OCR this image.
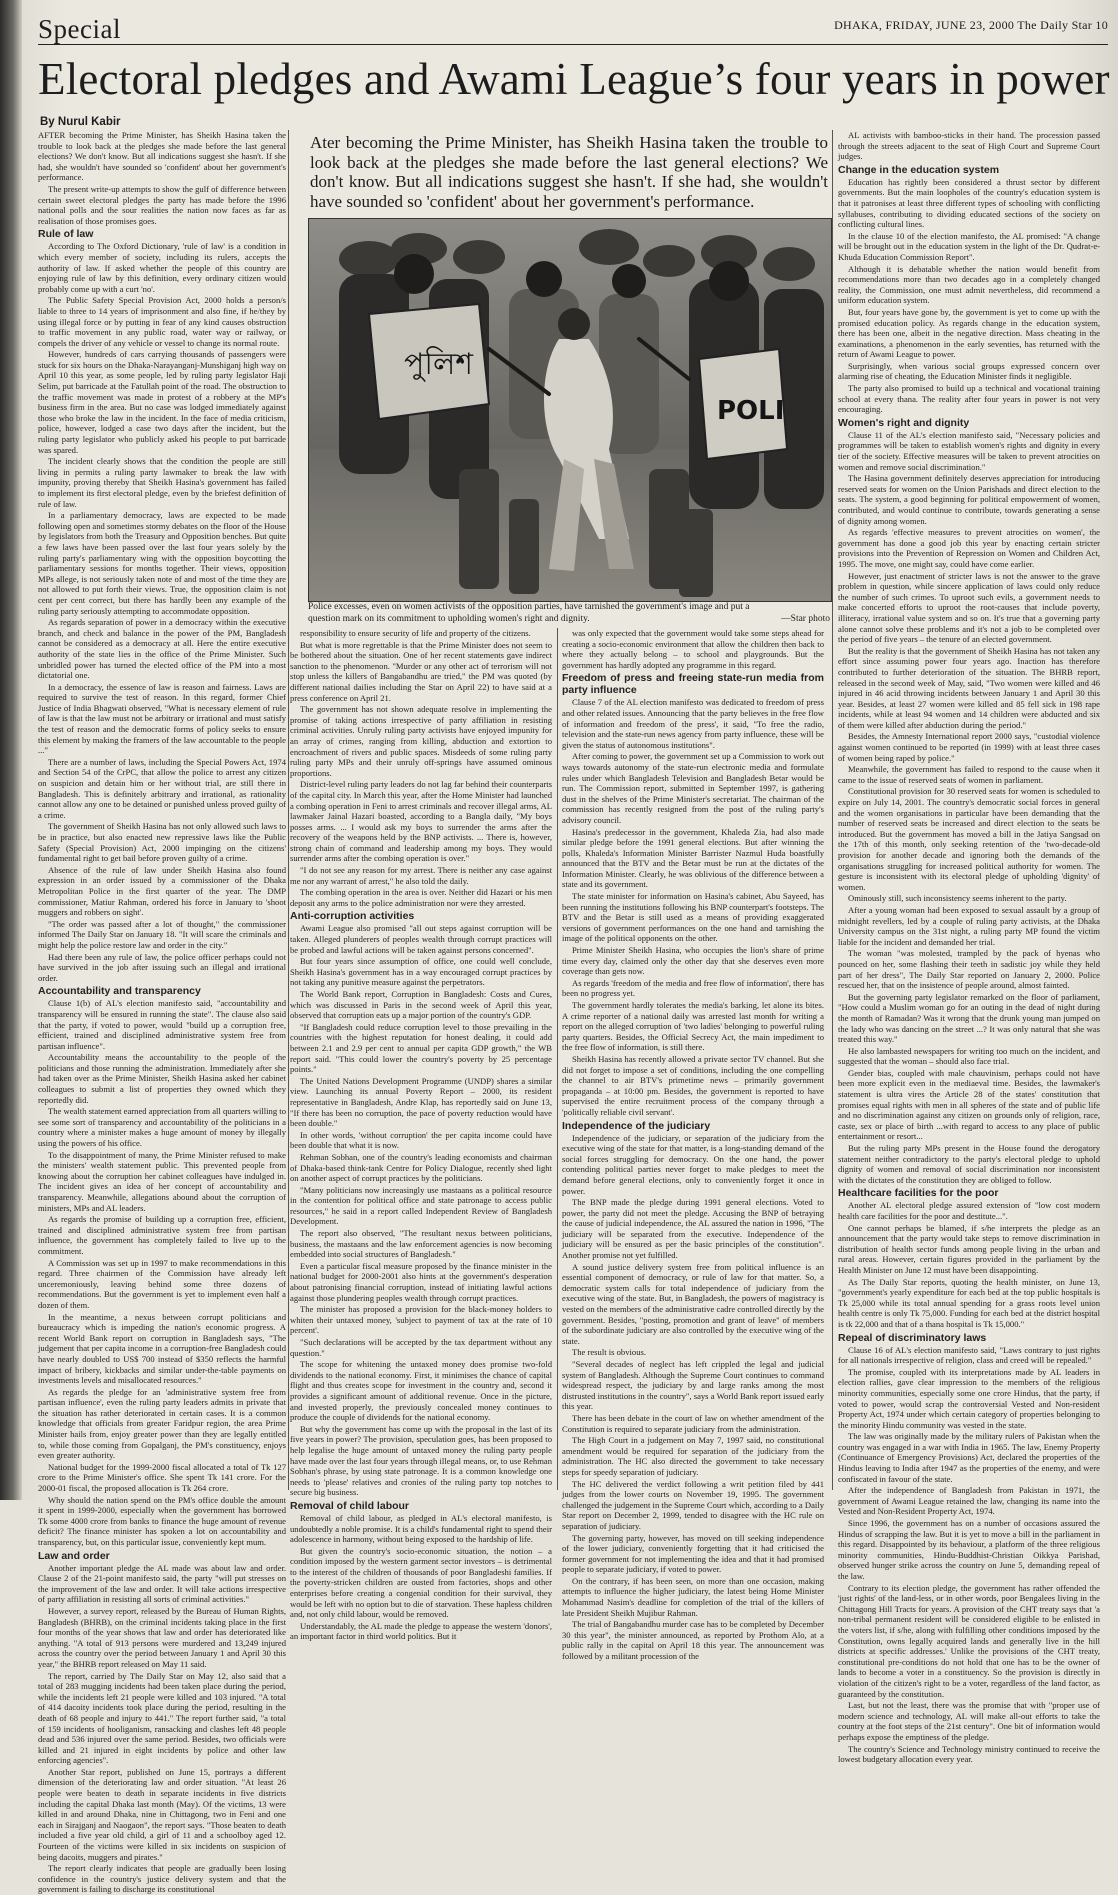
Special	DHAKA, FRIDAY, JUNE 23, 2000 The Daily Star 10
Electoral pledges and Awami League’s four years in power
By Nurul Kabir

AFTER becoming the Prime Minister, has Sheikh Hasina taken the trouble to look back at the pledges she made before the last general elections? We don't know. But all indications suggest she hasn't. If she had, she wouldn't have sounded so 'confident' about her government's performance.

The present write-up attempts to show the gulf of difference between certain sweet electoral pledges the party has made before the 1996 national polls and the sour realities the nation now faces as far as realisation of those promises goes.

Rule of law

According to The Oxford Dictionary, 'rule of law' is a condition in which every member of society, including its rulers, accepts the authority of law. If asked whether the people of this country are enjoying rule of law by this definition, every ordinary citizen would probably come up with a curt 'no'.

The Public Safety Special Provision Act, 2000 holds a person/s liable to three to 14 years of imprisonment and also fine, if he/they by using illegal force or by putting in fear of any kind causes obstruction to traffic movement in any public road, water way or railway, or compels the driver of any vehicle or vessel to change its normal route.

However, hundreds of cars carrying thousands of passengers were stuck for six hours on the Dhaka-Narayanganj-Munshiganj high way on April 10 this year, as some people, led by ruling party legislator Haji Selim, put barricade at the Fatullah point of the road. The obstruction to the traffic movement was made in protest of a robbery at the MP's business firm in the area. But no case was lodged immediately against those who broke the law in the incident. In the face of media criticism, police, however, lodged a case two days after the incident, but the ruling party legislator who publicly asked his people to put barricade was spared.

The incident clearly shows that the condition the people are still living in permits a ruling party lawmaker to break the law with impunity, proving thereby that Sheikh Hasina's government has failed to implement its first electoral pledge, even by the briefest definition of rule of law.

In a parliamentary democracy, laws are expected to be made following open and sometimes stormy debates on the floor of the House by legislators from both the Treasury and Opposition benches. But quite a few laws have been passed over the last four years solely by the ruling party's parliamentary wing with the opposition boycotting the parliamentary sessions for months together. Their views, opposition MPs allege, is not seriously taken note of and most of the time they are not allowed to put forth their views. True, the opposition claim is not cent per cent correct, but there has hardly been any example of the ruling party seriously attempting to accommodate opposition.

As regards separation of power in a democracy within the executive branch, and check and balance in the power of the PM, Bangladesh cannot be considered as a democracy at all. Here the entire executive authority of the state lies in the office of the Prime Minister. Such unbridled power has turned the elected office of the PM into a most dictatorial one.

In a democracy, the essence of law is reason and fairness. Laws are required to survive the test of reason. In this regard, former Chief Justice of India Bhagwati observed, "What is necessary element of rule of law is that the law must not be arbitrary or irrational and must satisfy the test of reason and the democratic forms of policy seeks to ensure this element by making the framers of the law accountable to the people ..."

There are a number of laws, including the Special Powers Act, 1974 and Section 54 of the CrPC, that allow the police to arrest any citizen on suspicion and detain him or her without trial, are still there in Bangladesh. This is definitely arbitrary and irrational, as rationality cannot allow any one to be detained or punished unless proved guilty of a crime.

The government of Sheikh Hasina has not only allowed such laws to be in practice, but also enacted new repressive laws like the Public Safety (Special Provision) Act, 2000 impinging on the citizens' fundamental right to get bail before proven guilty of a crime.

Absence of the rule of law under Sheikh Hasina also found expression in an order issued by a commissioner of the Dhaka Metropolitan Police in the first quarter of the year. The DMP commissioner, Matiur Rahman, ordered his force in January to 'shoot muggers and robbers on sight'.

"The order was passed after a lot of thought," the commissioner informed The Daily Star on January 18. "It will scare the criminals and might help the police restore law and order in the city."

Had there been any rule of law, the police officer perhaps could not have survived in the job after issuing such an illegal and irrational order.

Accountability and transparency

Clause 1(b) of AL's election manifesto said, "accountability and transparency will be ensured in running the state". The clause also said that the party, if voted to power, would "build up a corruption free, efficient, trained and disciplined administrative system free from partisan influence".

Accountability means the accountability to the people of the politicians and those running the administration. Immediately after she had taken over as the Prime Minister, Sheikh Hasina asked her cabinet colleagues to submit a list of properties they owned which they reportedly did.

The wealth statement earned appreciation from all quarters willing to see some sort of transparency and accountability of the politicians in a country where a minister makes a huge amount of money by illegally using the powers of his office.

To the disappointment of many, the Prime Minister refused to make the ministers' wealth statement public. This prevented people from knowing about the corruption her cabinet colleagues have indulged in. The incident gives an idea of her concept of accountability and transparency. Meanwhile, allegations abound about the corruption of ministers, MPs and AL leaders.

As regards the promise of building up a corruption free, efficient, trained and disciplined administrative system free from partisan influence, the government has completely failed to live up to the commitment.

A Commission was set up in 1997 to make recommendations in this regard. Three chairmen of the Commission have already left unceremoniously, leaving behind some three dozens of recommendations. But the government is yet to implement even half a dozen of them.

In the meantime, a nexus between corrupt politicians and bureaucracy which is impeding the nation's economic progress. A recent World Bank report on corruption in Bangladesh says, "The judgement that per capita income in a corruption-free Bangladesh could have nearly doubled to US$ 700 instead of $350 reflects the harmful impact of bribery, kickbacks and similar under-the-table payments on investments levels and misallocated resources."

As regards the pledge for an 'administrative system free from partisan influence', even the ruling party leaders admits in private that the situation has rather deteriorated in certain cases. It is a common knowledge that officials from greater Faridpur region, the area Prime Minister hails from, enjoy greater power than they are legally entitled to, while those coming from Gopalganj, the PM's constituency, enjoys even greater authority.

National budget for the 1999-2000 fiscal allocated a total of Tk 127 crore to the Prime Minister's office. She spent Tk 141 crore. For the 2000-01 fiscal, the proposed allocation is Tk 264 crore.

Why should the nation spend on the PM's office double the amount it spent in 1999-2000, especially when the government has borrowed Tk some 4000 crore from banks to finance the huge amount of revenue deficit? The finance minister has spoken a lot on accountability and transparency, but, on this particular issue, conveniently kept mum.

Law and order

Another important pledge the AL made was about law and order. Clause 2 of the 21-point manifesto said, the party "will put stresses on the improvement of the law and order. It will take actions irrespective of party affiliation in resisting all sorts of criminal activities."

However, a survey report, released by the Bureau of Human Rights, Bangladesh (BHRB), on the criminal incidents taking place in the first four months of the year shows that law and order has deteriorated like anything. "A total of 913 persons were murdered and 13,249 injured across the country over the period between January 1 and April 30 this year," the BHRB report released on May 11 said.

The report, carried by The Daily Star on May 12, also said that a total of 283 mugging incidents had been taken place during the period, while the incidents left 21 people were killed and 103 injured. "A total of 414 dacoity incidents took place during the period, resulting in the death of 68 people and injury to 441." The report further said, "a total of 159 incidents of hooliganism, ransacking and clashes left 48 people dead and 536 injured over the same period. Besides, two officials were killed and 21 injured in eight incidents by police and other law enforcing agencies".

Another Star report, published on June 15, portrays a different dimension of the deteriorating law and order situation. "At least 26 people were beaten to death in separate incidents in five districts including the capital Dhaka last month (May). Of the victims, 13 were killed in and around Dhaka, nine in Chittagong, two in Feni and one each in Sirajganj and Naogaon", the report says. "Those beaten to death included a five year old child, a girl of 11 and a schoolboy aged 12. Fourteen of the victims were killed in six incidents on suspicion of being dacoits, muggers and pirates."

The report clearly indicates that people are gradually been losing confidence in the country's justice delivery system and that the government is failing to discharge its constitutional

Ater becoming the Prime Minister, has Sheikh Hasina taken the trouble to look back at the pledges she made before the last general elections? We don't know. But all indications suggest she hasn't. If she had, she wouldn't have sounded so 'confident' about her government's performance.
পুলিশ
POLI
Police excesses, even on women activists of the opposition parties, have tarnished the government's image and put a question mark on its commitment to upholding women's right and dignity.	—Star photo

responsibility to ensure security of life and property of the citizens.

But what is more regrettable is that the Prime Minister does not seem to be bothered about the situation. One of her recent statements gave indirect sanction to the phenomenon. "Murder or any other act of terrorism will not stop unless the killers of Bangabandhu are tried," the PM was quoted (by different national dailies including the Star on April 22) to have said at a press conference on April 21.

The government has not shown adequate resolve in implementing the promise of taking actions irrespective of party affiliation in resisting criminal activities. Unruly ruling party activists have enjoyed impunity for an array of crimes, ranging from killing, abduction and extortion to encroachment of rivers and public spaces. Misdeeds of some ruling party ruling party MPs and their unruly off-springs have assumed ominous proportions.

District-level ruling party leaders do not lag far behind their counterparts of the capital city. In March this year, after the Home Minister had launched a combing operation in Feni to arrest criminals and recover illegal arms, AL lawmaker Jainal Hazari boasted, according to a Bangla daily, "My boys posses arms. ... I would ask my boys to surrender the arms after the recovery of the weapons held by the BNP activists. ... There is, however, strong chain of command and leadership among my boys. They would surrender arms after the combing operation is over."

"I do not see any reason for my arrest. There is neither any case against me nor any warrant of arrest," he also told the daily.

The combing operation in the area is over. Neither did Hazari or his men deposit any arms to the police administration nor were they arrested.

Anti-corruption activities

Awami League also promised "all out steps against corruption will be taken. Alleged plunderers of peoples wealth through corrupt practices will be probed and lawful actions will be taken against persons concerned".

But four years since assumption of office, one could well conclude, Sheikh Hasina's government has in a way encouraged corrupt practices by not taking any punitive measure against the perpetrators.

The World Bank report, Corruption in Bangladesh: Costs and Cures, which was discussed in Paris in the second week of April this year, observed that corruption eats up a major portion of the country's GDP.

"If Bangladesh could reduce corruption level to those prevailing in the countries with the highest reputation for honest dealing, it could add between 2.1 and 2.9 per cent to annual per capita GDP growth," the WB report said. "This could lower the country's poverty by 25 percentage points."

The United Nations Development Programme (UNDP) shares a similar view. Launching its annual Poverty Report – 2000, its resident representative in Bangladesh, Andre Klap, has reportedly said on June 13, "If there has been no corruption, the pace of poverty reduction would have been double."

In other words, 'without corruption' the per capita income could have been double that what it is now.

Rehman Sobhan, one of the country's leading economists and chairman of Dhaka-based think-tank Centre for Policy Dialogue, recently shed light on another aspect of corrupt practices by the politicians.

"Many politicians now increasingly use mastaans as a political resource in the contention for political office and state patronage to access public resources," he said in a report called Independent Review of Bangladesh Development.

The report also observed, "The resultant nexus between politicians, business, the mastaans and the law enforcement agencies is now becoming embedded into social structures of Bangladesh."

Even a particular fiscal measure proposed by the finance minister in the national budget for 2000-2001 also hints at the government's desperation about patronising financial corruption, instead of initiating lawful actions against those plundering peoples wealth through corrupt practices.

The minister has proposed a provision for the black-money holders to whiten their untaxed money, 'subject to payment of tax at the rate of 10 percent'.

"Such declarations will be accepted by the tax department without any question."

The scope for whitening the untaxed money does promise two-fold dividends to the national economy. First, it minimises the chance of capital flight and thus creates scope for investment in the country and, second it provides a significant amount of additional revenue. Once in the picture, and invested properly, the previously concealed money continues to produce the couple of dividends for the national economy.

But why the government has come up with the proposal in the last of its five years in power? The provision, speculation goes, has been proposed to help legalise the huge amount of untaxed money the ruling party people have made over the last four years through illegal means, or, to use Rehman Sobhan's phrase, by using state patronage. It is a common knowledge one needs to 'please' relatives and cronies of the ruling party top notches to secure big business.

Removal of child labour

Removal of child labour, as pledged in AL's electoral manifesto, is undoubtedly a noble promise. It is a child's fundamental right to spend their adolescence in harmony, without being exposed to the hardship of life.

But given the country's socio-economic situation, the notion – a condition imposed by the western garment sector investors – is detrimental to the interest of the children of thousands of poor Bangladeshi families. If the poverty-stricken children are ousted from factories, shops and other enterprises before creating a congenial condition for their survival, they would be left with no option but to die of starvation. These hapless children and, not only child labour, would be removed.

Understandably, the AL made the pledge to appease the western 'donors', an important factor in third world politics. But it

was only expected that the government would take some steps ahead for creating a socio-economic environment that allow the children then back to where they actually belong – to school and playgrounds. But the government has hardly adopted any programme in this regard.

Freedom of press and freeing state-run media from party influence

Clause 7 of the AL election manifesto was dedicated to freedom of press and other related issues. Announcing that the party believes in the free flow of information and freedom of the press', it said, "To free the radio, television and the state-run news agency from party influence, these will be given the status of autonomous institutions".

After coming to power, the government set up a Commission to work out ways towards autonomy of the state-run electronic media and formulate rules under which Bangladesh Television and Bangladesh Betar would be run. The Commission report, submitted in September 1997, is gathering dust in the shelves of the Prime Minister's secretariat. The chairman of the commission has recently resigned from the post of the ruling party's advisory council.

Hasina's predecessor in the government, Khaleda Zia, had also made similar pledge before the 1991 general elections. But after winning the polls, Khaleda's Information Minister Barrister Nazmul Huda boastfully announced that the BTV and the Betar must be run at the dictates of the Information Minister. Clearly, he was oblivious of the difference between a state and its government.

The state minister for information on Hasina's cabinet, Abu Sayeed, has been running the institutions following his BNP counterpart's footsteps. The BTV and the Betar is still used as a means of providing exaggerated versions of government performances on the one hand and tarnishing the image of the political opponents on the other.

Prime Minister Sheikh Hasina, who occupies the lion's share of prime time every day, claimed only the other day that she deserves even more coverage than gets now.

As regards 'freedom of the media and free flow of information', there has been no progress yet.

The government hardly tolerates the media's barking, let alone its bites. A crime reporter of a national daily was arrested last month for writing a report on the alleged corruption of 'two ladies' belonging to powerful ruling party quarters. Besides, the Official Secrecy Act, the main impediment to the free flow of information, is still there.

Sheikh Hasina has recently allowed a private sector TV channel. But she did not forget to impose a set of conditions, including the one compelling the channel to air BTV's primetime news – primarily government propaganda – at 10:00 pm. Besides, the government is reported to have supervised the entire recruitment process of the company through a 'politically reliable civil servant'.

Independence of the judiciary

Independence of the judiciary, or separation of the judiciary from the executive wing of the state for that matter, is a long-standing demand of the social forces struggling for democracy. On the one hand, the power contending political parties never forget to make pledges to meet the demand before general elections, only to conveniently forget it once in power.

The BNP made the pledge during 1991 general elections. Voted to power, the party did not meet the pledge. Accusing the BNP of betraying the cause of judicial independence, the AL assured the nation in 1996, "The judiciary will be separated from the executive. Independence of the judiciary will be ensured as per the basic principles of the constitution". Another promise not yet fulfilled.

A sound justice delivery system free from political influence is an essential component of democracy, or rule of law for that matter. So, a democratic system calls for total independence of judiciary from the executive wing of the state. But, in Bangladesh, the powers of magistracy is vested on the members of the administrative cadre controlled directly by the government. Besides, "posting, promotion and grant of leave" of members of the subordinate judiciary are also controlled by the executive wing of the state.

The result is obvious.

"Several decades of neglect has left crippled the legal and judicial system of Bangladesh. Although the Supreme Court continues to command widespread respect, the judiciary by and large ranks among the most distrusted institutions in the country", says a World Bank report issued early this year.

There has been debate in the court of law on whether amendment of the Constitution is required to separate judiciary from the administration.

The High Court in a judgement on May 7, 1997 said, no constitutional amendment would be required for separation of the judiciary from the administration. The HC also directed the government to take necessary steps for speedy separation of judiciary.

The HC delivered the verdict following a writ petition filed by 441 judges from the lower courts on November 19, 1995. The government challenged the judgement in the Supreme Court which, according to a Daily Star report on December 2, 1999, tended to disagree with the HC rule on separation of judiciary.

The governing party, however, has moved on till seeking independence of the lower judiciary, conveniently forgetting that it had criticised the former government for not implementing the idea and that it had promised people to separate judiciary, if voted to power.

On the contrary, if has been seen, on more than one occasion, making attempts to influence the higher judiciary, the latest being Home Minister Mohammad Nasim's deadline for completion of the trial of the killers of late President Sheikh Mujibur Rahman.

The trial of Bangabandhu murder case has to be completed by December 30 this year", the minister announced, as reported by Prothom Alo, at a public rally in the capital on April 18 this year. The announcement was followed by a militant procession of the

AL activists with bamboo-sticks in their hand. The procession passed through the streets adjacent to the seat of High Court and Supreme Court judges.

Change in the education system

Education has rightly been considered a thrust sector by different governments. But the main loopholes of the country's education system is that it patronises at least three different types of schooling with conflicting syllabuses, contributing to dividing educated sections of the society on conflicting cultural lines.

In the clause 10 of the election manifesto, the AL promised: "A change will be brought out in the education system in the light of the Dr. Qudrat-e-Khuda Education Commission Report".

Although it is debatable whether the nation would benefit from recommendations more than two decades ago in a completely changed reality, the Commission, one must admit nevertheless, did recommend a uniform education system.

But, four years have gone by, the government is yet to come up with the promised education policy. As regards change in the education system, there has been one, albeit in the negative direction. Mass cheating in the examinations, a phenomenon in the early seventies, has returned with the return of Awami League to power.

Surprisingly, when various social groups expressed concern over alarming rise of cheating, the Education Minister finds it negligible.

The party also promised to build up a technical and vocational training school at every thana. The reality after four years in power is not very encouraging.

Women's right and dignity

Clause 11 of the AL's election manifesto said, "Necessary policies and programmes will be taken to establish women's rights and dignity in every tier of the society. Effective measures will be taken to prevent atrocities on women and remove social discrimination."

The Hasina government definitely deserves appreciation for introducing reserved seats for women on the Union Parishads and direct election to the seats. The system, a good beginning for political empowerment of women, contributed, and would continue to contribute, towards generating a sense of dignity among women.

As regards 'effective measures to prevent atrocities on women', the government has done a good job this year by enacting certain stricter provisions into the Prevention of Repression on Women and Children Act, 1995. The move, one might say, could have come earlier.

However, just enactment of stricter laws is not the answer to the grave problem in question, while sincere application of laws could only reduce the number of such crimes. To uproot such evils, a government needs to make concerted efforts to uproot the root-causes that include poverty, illiteracy, irrational value system and so on. It's true that a governing party alone cannot solve these problems and it's not a job to be completed over the period of five years – the tenure of an elected government.

But the reality is that the government of Sheikh Hasina has not taken any effort since assuming power four years ago. Inaction has therefore contributed to further deterioration of the situation. The BHRB report, released in the second week of May, said, "Two women were killed and 46 injured in 46 acid throwing incidents between January 1 and April 30 this year. Besides, at least 27 women were killed and 85 fell sick in 198 rape incidents, while at least 94 women and 14 children were abducted and six of them were killed after abduction during the period."

Besides, the Amnesty International report 2000 says, "custodial violence against women continued to be reported (in 1999) with at least three cases of women being raped by police."

Meanwhile, the government has failed to respond to the cause when it came to the issue of reserved seats of women in parliament.

Constitutional provision for 30 reserved seats for women is scheduled to expire on July 14, 2001. The country's democratic social forces in general and the women organisations in particular have been demanding that the number of reserved seats be increased and direct election to the seats be introduced. But the government has moved a bill in the Jatiya Sangsad on the 17th of this month, only seeking retention of the 'two-decade-old provision for another decade and ignoring both the demands of the organisations struggling for increased political authority for women. The gesture is inconsistent with its electoral pledge of upholding 'dignity' of women.

Ominously still, such inconsistency seems inherent to the party.

After a young woman had been exposed to sexual assault by a group of midnight revellers, led by a couple of ruling party activists, at the Dhaka University campus on the 31st night, a ruling party MP found the victim liable for the incident and demanded her trial.

The woman "was molested, trampled by the pack of hyenas who pounced on her, some flashing their teeth in sadistic joy while they held part of her dress", The Daily Star reported on January 2, 2000. Police rescued her, that on the insistence of people around, almost fainted.

But the governing party legislator remarked on the floor of parliament, "How could a Muslim woman go for an outing in the dead of night during the month of Ramadan? Was it wrong that the drunk young man jumped on the lady who was dancing on the street ...? It was only natural that she was treated this way."

He also lambasted newspapers for writing too much on the incident, and suggested that the woman – should also face trial.

Gender bias, coupled with male chauvinism, perhaps could not have been more explicit even in the mediaeval time. Besides, the lawmaker's statement is ultra vires the Article 28 of the states' constitution that promises equal rights with men in all spheres of the state and of public life and no discrimination against any citizen on grounds only of religion, race, caste, sex or place of birth ...with regard to access to any place of public entertainment or resort...

But the ruling party MPs present in the House found the derogatory statement neither contradictory to the party's electoral pledge to uphold dignity of women and removal of social discrimination nor inconsistent with the dictates of the constitution they are obliged to follow.

Healthcare facilities for the poor

Another AL electoral pledge assured extension of "low cost modern health care facilities for the poor and destitute...".

One cannot perhaps be blamed, if s/he interprets the pledge as an announcement that the party would take steps to remove discrimination in distribution of health sector funds among people living in the urban and rural areas. However, certain figures provided in the parliament by the Health Minister on June 12 must have been disappointing.

As The Daily Star reports, quoting the health minister, on June 13, "government's yearly expenditure for each bed at the top public hospitals is Tk 25,000 while its total annual spending for a grass roots level union health centre is only Tk 75,000. Funding for each bed at the district hospital is tk 22,000 and that of a thana hospital is Tk 15,000."

Repeal of discriminatory laws

Clause 16 of AL's election manifesto said, "Laws contrary to just rights for all nationals irrespective of religion, class and creed will be repealed."

The promise, coupled with its interpretations made by AL leaders in election rallies, gave clear impression to the members of the religious minority communities, especially some one crore Hindus, that the party, if voted to power, would scrap the controversial Vested and Non-resident Property Act, 1974 under which certain category of properties belonging to the minority Hindu community was vested in the state.

The law was originally made by the military rulers of Pakistan when the country was engaged in a war with India in 1965. The law, Enemy Property (Continuance of Emergency Provisions) Act, declared the properties of the Hindus leaving to India after 1947 as the properties of the enemy, and were confiscated in favour of the state.

After the independence of Bangladesh from Pakistan in 1971, the government of Awami League retained the law, changing its name into the Vested and Non-Resident Property Act, 1974.

Since 1996, the government has on a number of occasions assured the Hindus of scrapping the law. But it is yet to move a bill in the parliament in this regard. Disappointed by its behaviour, a platform of the three religious minority communities, Hindu-Buddhist-Christian Oikkya Parishad, observed hunger strike across the country on June 5, demanding repeal of the law.

Contrary to its election pledge, the government has rather offended the 'just rights' of the land-less, or in other words, poor Bengalees living in the Chittagong Hill Tracts for years. A provision of the CHT treaty says that 'a non-tribal permanent resident will be considered eligible to be enlisted in the voters list, if s/he, along with fulfilling other conditions imposed by the Constitution, owns legally acquired lands and generally live in the hill districts at specific addresses.' Unlike the provisions of the CHT treaty, constitutional pre-conditions do not hold that one has to be the owner of lands to become a voter in a constituency. So the provision is directly in violation of the citizen's right to be a voter, regardless of the land factor, as guaranteed by the constitution.

Last, but not the least, there was the promise that with "proper use of modern science and technology, AL will make all-out efforts to take the country at the foot steps of the 21st century". One bit of information would perhaps expose the emptiness of the pledge.

The country's Science and Technology ministry continued to receive the lowest budgetary allocation every year.
